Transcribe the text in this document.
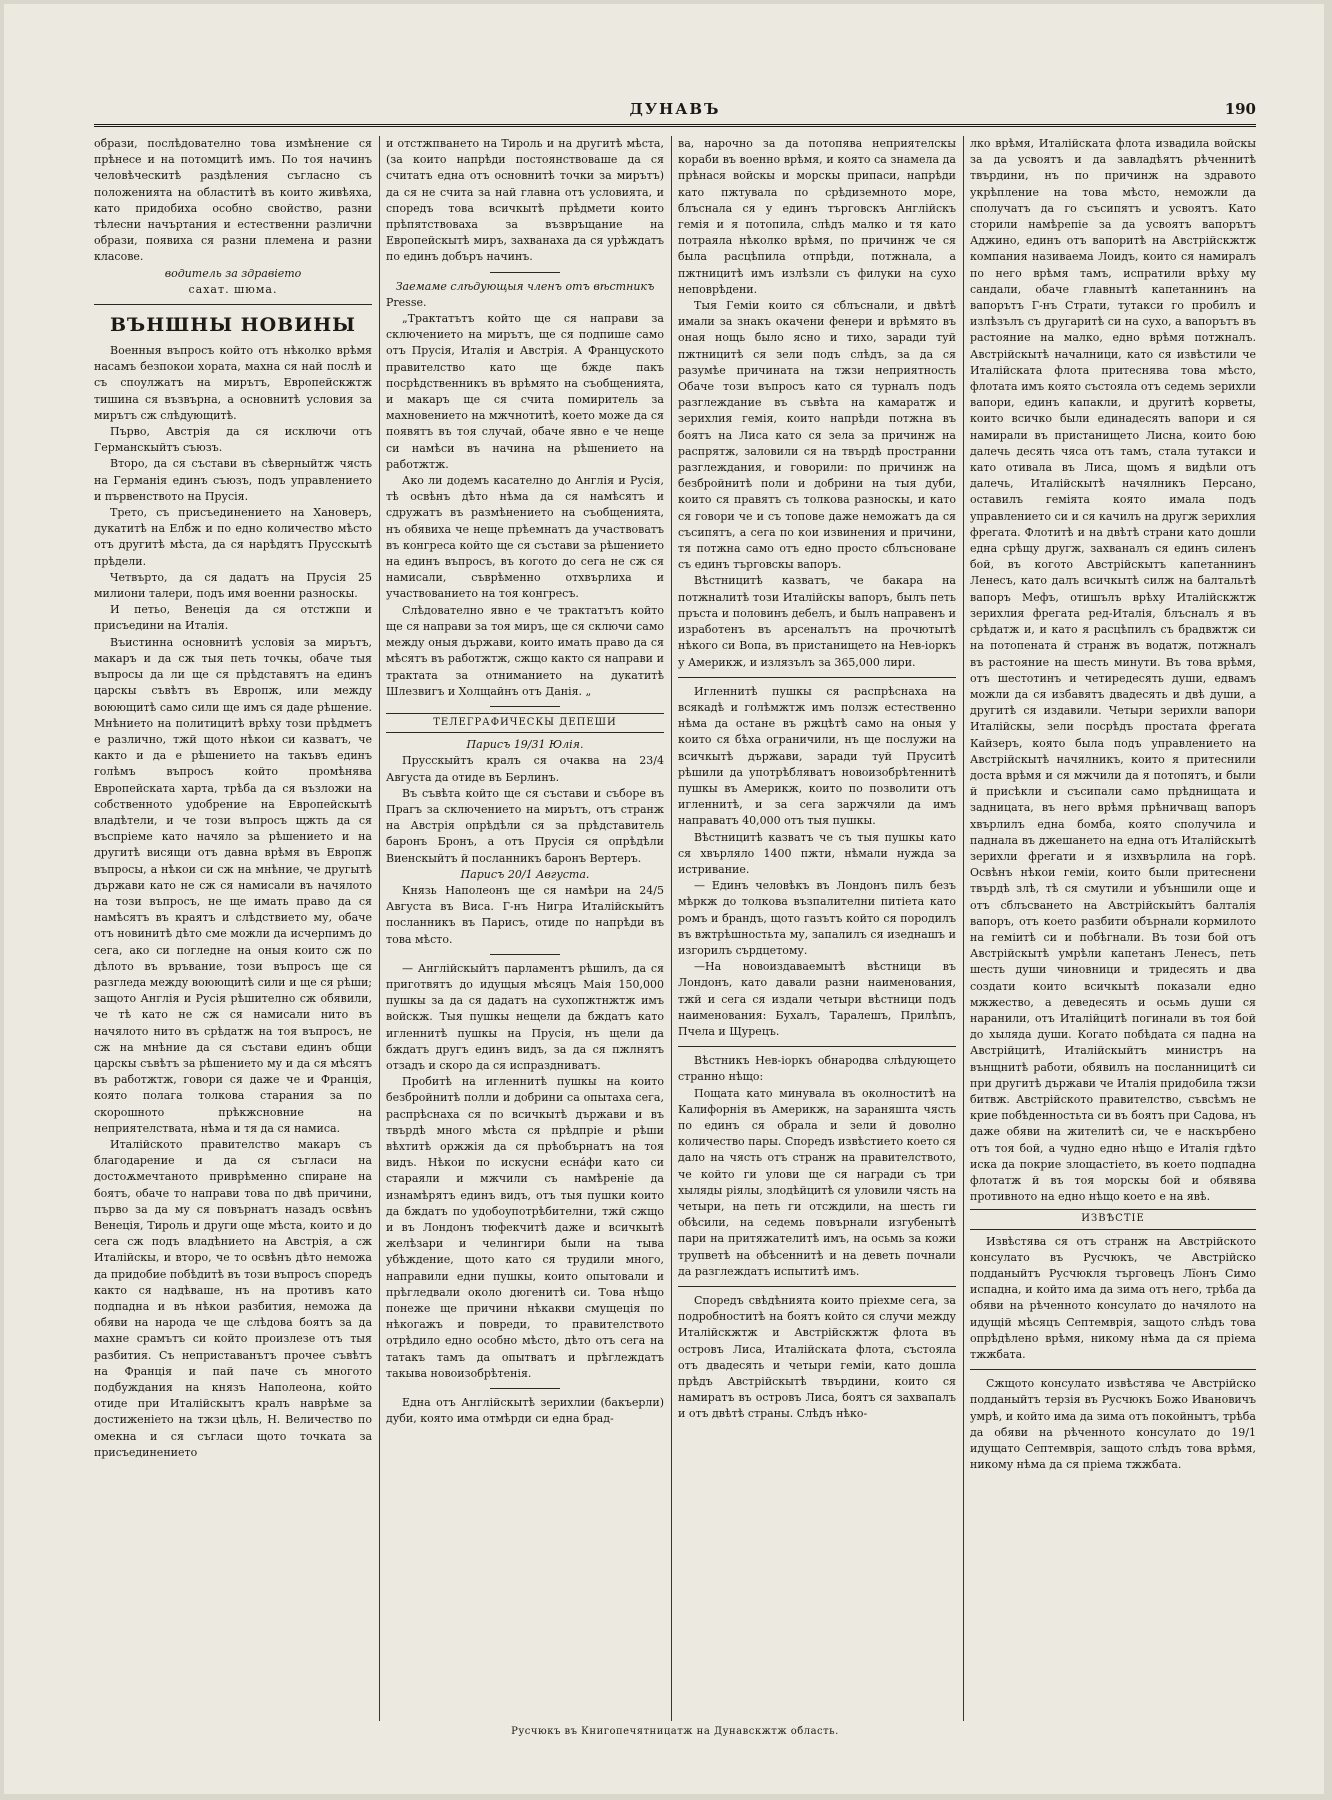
ДУНАВЪ	190

образи, послѣдователно това измѣнение ся прѣнесе и на потомцитѣ имъ. По тоя начинъ человѣческитѣ раздѣления съгласно съ положенията на областитѣ въ които живѣяха, като придобиха особно свойство, разни тѣлесни начъртания и естественни различни образи, появиха ся разни племена и разни класове.

водитель за здравіето

сахат. шюма.

ВЪНШНЫ НОВИНЫ

Военныя въпросъ който отъ нѣколко врѣмя насамъ безпокои хората, махна ся най послѣ и съ споулжатъ на мирътъ, Европейскжтж тишина ся възвърна, а основнитѣ условия за мирътъ сж слѣдующитѣ.

Първо, Австрія да ся исключи отъ Германскыйтъ съюзъ.

Второ, да ся състави въ сѣверныйтж чясть на Германія единъ съюзъ, подъ управлението и първенството на Прусія.

Трето, съ присъединението на Хановеръ, дукатитѣ на Елбж и по едно количество мѣсто отъ другитѣ мѣста, да ся нарѣдятъ Прусскытѣ прѣдели.

Четвърто, да ся дадатъ на Прусія 25 милиони талери, подъ имя военни разноскы.

И петьо, Венеція да ся отстжпи и присъедини на Италія.

Въистинна основнитѣ условія за мирътъ, макаръ и да сж тыя петь точкы, обаче тыя въпросы да ли ще ся прѣдставятъ на единъ царскы съвѣтъ въ Европж, или между воюющитѣ само сили ще имъ ся даде рѣшение. Мнѣнието на политицитѣ врѣху този прѣдметъ е различно, тжй щото нѣкои си казватъ, че както и да е рѣшението на такъвъ единъ голѣмъ въпросъ който промѣнява Европейската харта, трѣба да ся възложи на собственното удобрение на Европейскытѣ владѣтели, и че този въпросъ щжть да ся въспріеме като начяло за рѣшението и на другитѣ висящи отъ давна врѣмя въ Европж въпросы, а нѣкои си сж на мнѣние, че другытѣ държави като не сж ся намисали въ начялото на този въпросъ, не ще имать право да ся намѣсятъ въ краятъ и слѣдствието му, обаче отъ новинитѣ дѣто сме можли да исчерпимъ до сега, ако си погледне на оныя които сж по дѣлото въ връвание, този въпросъ ще ся разгледа между воюющитѣ сили и ще ся рѣши; защото Англія и Русія рѣшително сж обявили, че тѣ като не сж ся намисали нито въ начялото нито въ срѣдатж на тоя въпросъ, не сж на мнѣние да ся състави единъ общи царскы съвѣтъ за рѣшението му и да ся мѣсятъ въ работжтж, говори ся даже че и Франція, която полага толкова старания за по скорошното прѣкжсновние на неприятелствата, нѣма и тя да ся намиса.

Италійското правителство макаръ съ благодарение и да ся съгласи на достоѫмечтаното приврѣменно спиране на боятъ, обаче то направи това по двѣ причини, първо за да му ся повърнатъ назадъ освѣнъ Венеція, Тироль и други още мѣста, които и до сега сж подъ владѣнието на Австрія, а сж Италійскы, и второ, че то освѣнъ дѣто неможа да придобие побѣдитѣ въ този въпросъ споредъ както ся надѣваше, нъ на противъ като подпадна и въ нѣкои разбития, неможа да обяви на народа че ще слѣдова боятъ за да махне срамътъ си който произлезе отъ тыя разбития. Съ неприставанътъ прочее съвѣтъ на Франція и пай паче съ многото подбуждания на князъ Наполеона, който отиде при Италійскытъ кралъ наврѣме за достиженіето на тжзи цѣль, Н. Величество по омекна и ся съгласи щото точката за присъединението

и отстжпването на Тироль и на другитѣ мѣста, (за които напрѣди постоянствоваше да ся считатъ една отъ основнитѣ точки за мирътъ) да ся не счита за най главна отъ условията, и споредъ това всичкытѣ прѣдмети които прѣпятствоваха за възвръщание на Европейскытѣ миръ, захванаха да ся урѣждатъ по единъ добъръ начинъ.

Заемаме слѣдующыя членъ отъ вѣстникъ

Presse.

„Трактатътъ който ще ся направи за сключението на мирътъ, ще ся подпише само отъ Прусія, Италія и Австрія. А Француското правителство като ще бжде пакъ посрѣдственникъ въ врѣмято на съобщенията, и макаръ ще ся счита помиритель за махновението на мжчнотитѣ, което може да ся появятъ въ тоя случай, обаче явно е че неще си намѣси въ начина на рѣшението на работжтж.

Ако ли додемъ касателно до Англія и Русія, тѣ освѣнъ дѣто нѣма да ся намѣсятъ и сдружатъ въ размѣнението на съобщенията, нъ обявиха че неще прѣемнатъ да участвоватъ въ конгреса който ще ся състави за рѣшението на единъ въпросъ, въ когото до сега не сж ся намисали, съврѣменно отхвърлиха и участвованието на тоя конгресъ.

Слѣдователно явно е че трактатътъ който ще ся направи за тоя миръ, ще ся сключи само между оныя държави, които имать право да ся мѣсятъ въ работжтж, сжщо както ся направи и трактата за отниманието на дукатитѣ Шлезвигъ и Холщайнъ отъ Данія. „

ТЕЛЕГРАФИЧЕСКЫ ДЕПЕШИ

Парисъ 19/31 Юлія.

Прусскыйтъ кралъ ся очаква на 23/4 Августа да отиде въ Берлинъ.

Въ съвѣта който ще ся състави и съборе въ Прагъ за сключението на мирътъ, отъ странж на Австрія опрѣдѣли ся за прѣдставитель баронъ Бронъ, а отъ Прусія ся опрѣдѣли Виенскыйтъ й посланникъ баронъ Вертеръ.

Парисъ 20/1 Августа.

Князь Наполеонъ ще ся намѣри на 24/5 Августа въ Виса. Г-нъ Нигра Италійскыйтъ посланникъ въ Парисъ, отиде по напрѣди въ това мѣсто.

— Англійскыйтъ парламентъ рѣшилъ, да ся приготвятъ до идущыя мѣсяцъ Маія 150,000 пушкы за да ся дадатъ на сухопжтнжтж имъ войскж. Тыя пушкы нещели да бждатъ като игленнитѣ пушкы на Прусія, нъ щели да бждатъ другъ единъ видъ, за да ся пжлнятъ отзадъ и скоро да ся испраздниватъ.

Пробитѣ на игленнитѣ пушкы на които безбройнитѣ полли и добрини са опытаха сега, распрѣснаха ся по всичкытѣ държави и въ твърдѣ много мѣста ся прѣдпріе и рѣши вѣхтитѣ оржжія да ся прѣобърнатъ на тоя видъ. Нѣкои по искусни есна́фи като си стараяли и мжчили съ намѣреніе да изнамѣрятъ единъ видъ, отъ тыя пушки които да бждатъ по удобоупотрѣбителни, тжй сжщо и въ Лондонъ тюфекчитѣ даже и всичкытѣ желѣзари и челингири были на тыва убѣждение, щото като ся трудили много, направили едни пушкы, които опытовали и прѣгледвали около дюгенитѣ си. Това нѣщо понеже ще причини нѣкакви смущеція по нѣкогажъ и повреди, то правителството отрѣдило едно особно мѣсто, дѣто отъ сега на татакъ тамъ да опытватъ и прѣглеждатъ такыва новоизобрѣтенія.

Една отъ Англійскытѣ зерихлии (бакъерли) дуби, която има отмѣрди си една брад-

ва, нарочно за да потопява неприятелскы кораби въ военно врѣмя, и която са знамела да прѣнася войскы и морскы припаси, напрѣди като пжтувала по срѣдиземното море, блъснала ся у единъ търговскъ Англійскъ гемія и я потопила, слѣдъ малко и тя като потраяла нѣколко врѣмя, по причинж че ся была расцѣпила отпрѣди, потжнала, а пжтницитѣ имъ излѣзли съ филуки на сухо неповрѣдени.

Тыя Геміи които ся сблъснали, и двѣтѣ имали за знакъ окачени фенери и врѣмято въ оная нощь было ясно и тихо, заради туй пжтницитѣ ся зели подъ слѣдъ, за да ся разумѣе причината на тжзи неприятность Обаче този въпросъ като ся турналъ подъ разглеждание въ съвѣта на камаратж и зерихлия гемія, които напрѣди потжна въ боятъ на Лиса като ся зела за причинж на распрятж, заловили ся на твърдѣ пространни разглеждания, и говорили: по причинж на безбройнитѣ поли и добрини на тыя дуби, които ся правятъ съ толкова разноскы, и като ся говори че и съ топове даже неможатъ да ся съсипятъ, а сега по кои извинения и причини, тя потжна само отъ едно просто сблъсноване съ единъ търговскы вапоръ.

Вѣстницитѣ казватъ, че бакара на потжналитѣ този Италійскы вапоръ, былъ петь пръста и половинъ дебелъ, и былъ направенъ и изработенъ въ арсеналътъ на прочютытѣ нѣкого си Вопа, въ пристанището на Нев-іоркъ у Америкж, и излязълъ за 365,000 лири.

Игленнитѣ пушкы ся распрѣснаха на всякадѣ и голѣмжтж имъ ползж естественно нѣма да остане въ ржцѣтѣ само на оныя у които ся бѣха ограничили, нъ ще послужи на всичкытѣ държави, заради туй Пруситѣ рѣшили да употрѣбляватъ новоизобрѣтеннитѣ пушкы въ Америкж, които по позволити отъ игленнитѣ, и за сега заржчяли да имъ направатъ 40,000 отъ тыя пушкы.

Вѣстницитѣ казватъ че съ тыя пушкы като ся хвърляло 1400 пжти, нѣмали нужда за истривание.

— Единъ человѣкъ въ Лондонъ пилъ безъ мѣркж до толкова възпалителни питіета като ромъ и брандъ, щото газътъ който ся породилъ въ вжтрѣшностьта му, запалилъ ся изеднашъ и изгорилъ сърдцетому.

—На новоиздаваемытѣ вѣстници въ Лондонъ, като давали разни наименования, тжй и сега ся издали четыри вѣстници подъ наименования: Бухалъ, Таралешъ, Прилѣпъ, Пчела и Щурецъ.

Вѣстникъ Нев-іоркъ обнародва слѣдующето странно нѣщо:

Пощата като минувала въ околноститѣ на Калифорнія въ Америкж, на зараняшта чясть по единъ ся обрала и зели й доволно количество пары. Споредъ извѣстието което ся дало на чясть отъ странж на правителството, че който ги улови ще ся награди съ три хыляды ріялы, злодѣйцитѣ ся уловили чясть на четыри, на петь ги отсждили, на шесть ги обѣсили, на седемь повърнали изгубенытѣ пари на притяжателитѣ имъ, на осьмь за кожи трупветѣ на обѣсеннитѣ и на деветь почнали да разглеждатъ испытитѣ имъ.

Споредъ свѣдѣнията които прiехме сега, за подробноститѣ на боятъ който ся случи между Италійскжтж и Австрійскжтж флота въ островъ Лиса, Италійската флота, състояла отъ двадесять и четыри геміи, като дошла прѣдъ Австрійскытѣ твърдини, които ся намиратъ въ островъ Лиса, боятъ ся захвапалъ и отъ двѣтѣ страны. Слѣдъ нѣко-

лко врѣмя, Италійската флота извадила войскы за да усвоятъ и да завладѣятъ рѣченнитѣ твърдини, нъ по причинж на здравото укрѣпление на това мѣсто, неможли да сполучатъ да го съсипятъ и усвоятъ. Като сторили намѣрепіе за да усвоятъ вапорътъ Аджино, единъ отъ вапоритѣ на Австрійскжтж компания називаема Лоидъ, които ся намиралъ по него врѣмя тамъ, испратили врѣху му сандали, обаче главнытѣ капетаннинъ на вапорътъ Г-нъ Страти, тутакси го пробилъ и излѣзълъ съ другаритѣ си на сухо, а вапорътъ въ растояние на малко, едно врѣмя потжналъ. Австрійскытѣ началници, като ся извѣстили че Италійската флота притеснява това мѣсто, флотата имъ която състояла отъ седемь зерихли вапори, единъ капакли, и другитѣ корветы, които всичко были единадесять вапори и ся намирали въ пристанището Лисна, които бою далечь десять чяса отъ тамъ, стала тутакси и като отивала въ Лиса, щомъ я видѣли отъ далечь, Италійскытѣ начялникъ Персано, оставилъ геміята която имала подъ управлението си и ся качилъ на другж зерихлия фрегата. Флотитѣ и на двѣтѣ страни като дошли една срѣщу другж, захваналъ ся единъ силенъ бой, въ когото Австрійскытъ капетаннинъ Ленесъ, като далъ всичкытѣ силж на балтальтѣ вапоръ Мефъ, отишълъ врѣху Италійскжтж зерихлия фрегата ред-Италія, блъсналъ я въ срѣдатж и, и като я расцѣпилъ съ брадвжтж си на потопената й странж въ водатж, потжналъ въ растояние на шесть минути. Въ това врѣмя, отъ шестотинъ и четиредесять души, едвамъ можли да ся избавятъ двадесять и двѣ души, а другитѣ ся издавили. Четыри зерихли вапори Италійскы, зели посрѣдъ простата фрегата Кайзеръ, която была подъ управлението на Австрійскытѣ начялникъ, които я притеснили доста врѣмя и ся мжчили да я потопятъ, и были й присѣкли и съсипали само прѣднищата и задницата, въ него врѣмя прѣничващ вапоръ хвърлилъ една бомба, която сполучила и паднала въ джешането на една отъ Италійскытѣ зерихли фрегати и я изхвърлила на горѣ. Освѣнъ нѣкои геміи, които были притеснени твърдѣ злѣ, тѣ ся смутили и убъншили още и отъ сблъсването на Австрійскыйтъ балталія вапоръ, отъ което разбити обърнали кормилото на геміитѣ си и побѣгнали. Въ този бой отъ Австрійскытѣ умрѣли капетанъ Ленесъ, петь шесть души чиновници и тридесять и два создати които всичкытѣ показали едно мжжество, а деведесять и осьмь души ся наранили, отъ Италійцитѣ погинали въ тоя бой до хыляда души. Когато побѣдата ся падна на Австрійцитѣ, Италійскыйтъ министръ на вънщнитѣ работи, обявилъ на посланницитѣ си при другитѣ държави че Италія придобила тжзи битвж. Австрійското правителство, съвсѣмъ не крие побѣденностьта си въ боятъ при Садова, нъ даже обяви на жителитѣ си, че е наскърбено отъ тоя бой, а чудно едно нѣщо е Италія гдѣто иска да покрие злощастіето, въ което подпадна флотатж й въ тоя морскы бой и обявява противното на едно нѣщо което е на явѣ.

ИЗВѢСТІЕ

Извѣстява ся отъ странж на Австрійското консулато въ Русчюкъ, че Австрійско подданыйтъ Русчюкля търговецъ Лїонъ Симо испадна, и който има да зима отъ него, трѣба да обяви на рѣченното консулато до начялото на идущій мѣсяцъ Септемврія, защото слѣдъ това опрѣдѣлено врѣмя, никому нѣма да ся пріема тжжбата.

Сжщото консулато извѣстява че Австрійско подданыйтъ терзія въ Русчюкъ Божо Ивановичъ умрѣ, и който има да зима отъ покойнытъ, трѣба да обяви на рѣченното консулато до 19/1 идущато Септемврія, защото слѣдъ това врѣмя, никому нѣма да ся пріема тжжбата.

Русчюкъ въ Книгопечятницатж на Дунавскжтж область.
